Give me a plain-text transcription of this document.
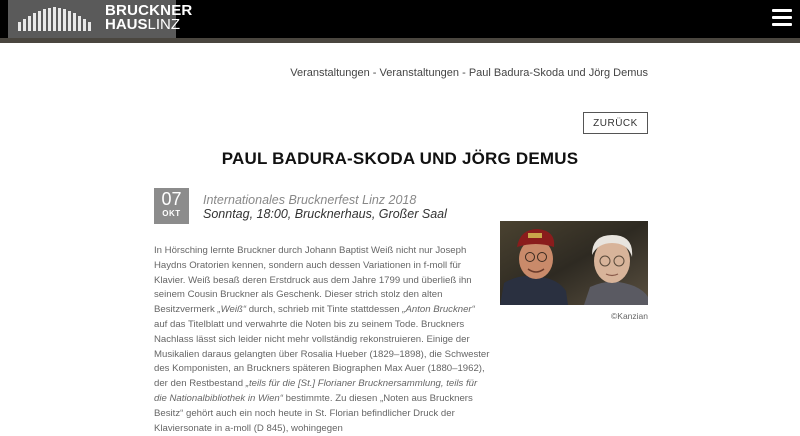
BRUCKNER
HAUSLINZ
Veranstaltungen - Veranstaltungen - Paul Badura-Skoda und Jörg Demus
ZURÜCK
PAUL BADURA-SKODA UND JÖRG DEMUS
07
OKT
Internationales Brucknerfest Linz 2018
Sonntag, 18:00, Brucknerhaus, Großer Saal
In Hörsching lernte Bruckner durch Johann Baptist Weiß nicht nur Joseph Haydns Oratorien kennen, sondern auch dessen Variationen in f-moll für Klavier. Weiß besaß deren Erstdruck aus dem Jahre 1799 und überließ ihn seinem Cousin Bruckner als Geschenk. Dieser strich stolz den alten Besitzvermerk „Weiß“ durch, schrieb mit Tinte stattdessen „Anton Bruckner“ auf das Titelblatt und verwahrte die Noten bis zu seinem Tode. Bruckners Nachlass lässt sich leider nicht mehr vollständig rekonstruieren. Einige der Musikalien daraus gelangten über Rosalia Hueber (1829–1898), die Schwester des Komponisten, an Bruckners späteren Biographen Max Auer (1880–1962), der den Restbestand „teils für die [St.] Florianer Brucknersammlung, teils für die Nationalbibliothek in Wien“ bestimmte. Zu diesen „Noten aus Bruckners Besitz“ gehört auch ein noch heute in St. Florian befindlicher Druck der Klaviersonate in a-moll (D 845), wohingegen
©Kanzian
